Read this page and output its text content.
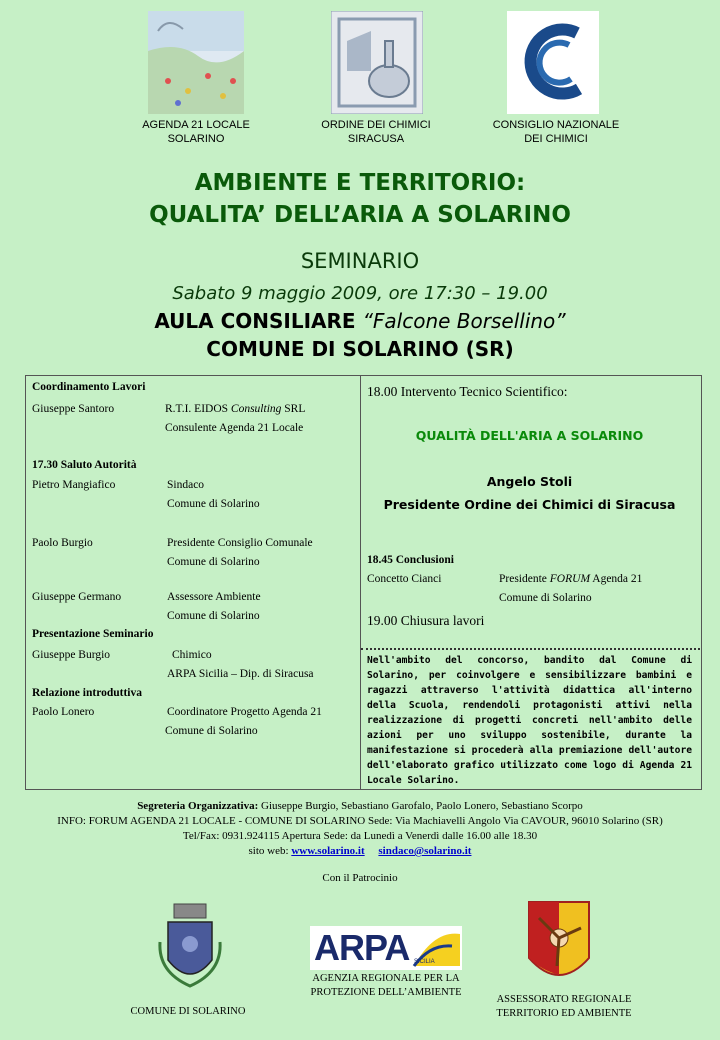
AGENDA 21 LOCALE
SOLARINO
ORDINE DEI CHIMICI
SIRACUSA
CONSIGLIO NAZIONALE
DEI CHIMICI
AMBIENTE E TERRITORIO:
QUALITA’ DELL’ARIA A SOLARINO
SEMINARIO
Sabato 9 maggio 2009, ore 17:30 – 19.00
AULA CONSILIARE “Falcone Borsellino”
COMUNE DI SOLARINO (SR)
Coordinamento Lavori
Giuseppe Santoro	R.T.I. EIDOS Consulting SRL
Consulente Agenda 21 Locale
17.30 Saluto Autorità
Pietro Mangiafico	Sindaco
Comune di Solarino
Paolo Burgio	Presidente Consiglio Comunale
Comune di Solarino
Giuseppe Germano	Assessore Ambiente
Comune di Solarino
Presentazione Seminario
Giuseppe Burgio	Chimico
ARPA Sicilia – Dip. di Siracusa
Relazione introduttiva
Paolo Lonero	Coordinatore Progetto Agenda 21
Comune di Solarino
18.00 Intervento Tecnico Scientifico:
QUALITÀ DELL'ARIA A SOLARINO
Angelo Stoli
Presidente Ordine dei Chimici di Siracusa
18.45 Conclusioni
Concetto Cianci	Presidente FORUM Agenda 21
Comune di Solarino
19.00 Chiusura lavori
Nell'ambito del concorso, bandito dal Comune di Solarino, per coinvolgere e sensibilizzare bambini e ragazzi attraverso l'attività didattica all'interno della Scuola, rendendoli protagonisti attivi nella realizzazione di progetti concreti nell'ambito delle azioni per uno sviluppo sostenibile, durante la manifestazione si procederà alla premiazione dell'autore dell'elaborato grafico utilizzato come logo di Agenda 21 Locale Solarino.
Segreteria Organizzativa: Giuseppe Burgio, Sebastiano Garofalo, Paolo Lonero, Sebastiano Scorpo
INFO: FORUM AGENDA 21 LOCALE - COMUNE DI SOLARINO Sede: Via Machiavelli Angolo Via CAVOUR, 96010 Solarino (SR)
Tel/Fax: 0931.924115 Apertura Sede: da Lunedì a Venerdì dalle 16.00 alle 18.30
sito web: www.solarino.it sindaco@solarino.it
Con il Patrocinio
COMUNE DI SOLARINO
ARPA SICILIA
AGENZIA REGIONALE PER LA
PROTEZIONE DELL’AMBIENTE
ASSESSORATO REGIONALE
TERRITORIO ED AMBIENTE
